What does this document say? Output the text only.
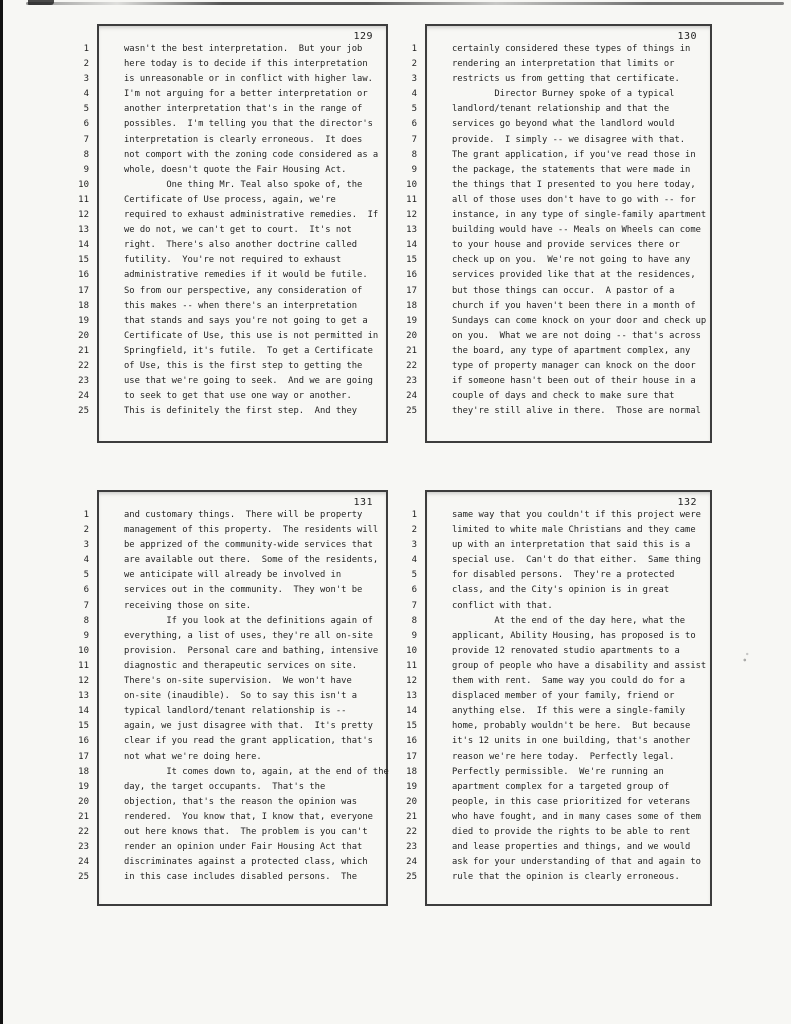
129
1	wasn't the best interpretation.  But your job
2	here today is to decide if this interpretation
3	is unreasonable or in conflict with higher law.
4	I'm not arguing for a better interpretation or
5	another interpretation that's in the range of
6	possibles.  I'm telling you that the director's
7	interpretation is clearly erroneous.  It does
8	not comport with the zoning code considered as a
9	whole, doesn't quote the Fair Housing Act.
10	One thing Mr. Teal also spoke of, the
11	Certificate of Use process, again, we're
12	required to exhaust administrative remedies.  If
13	we do not, we can't get to court.  It's not
14	right.  There's also another doctrine called
15	futility.  You're not required to exhaust
16	administrative remedies if it would be futile.
17	So from our perspective, any consideration of
18	this makes -- when there's an interpretation
19	that stands and says you're not going to get a
20	Certificate of Use, this use is not permitted in
21	Springfield, it's futile.  To get a Certificate
22	of Use, this is the first step to getting the
23	use that we're going to seek.  And we are going
24	to seek to get that use one way or another.
25	This is definitely the first step.  And they
130
1	certainly considered these types of things in
2	rendering an interpretation that limits or
3	restricts us from getting that certificate.
4	Director Burney spoke of a typical
5	landlord/tenant relationship and that the
6	services go beyond what the landlord would
7	provide.  I simply -- we disagree with that.
8	The grant application, if you've read those in
9	the package, the statements that were made in
10	the things that I presented to you here today,
11	all of those uses don't have to go with -- for
12	instance, in any type of single-family apartment
13	building would have -- Meals on Wheels can come
14	to your house and provide services there or
15	check up on you.  We're not going to have any
16	services provided like that at the residences,
17	but those things can occur.  A pastor of a
18	church if you haven't been there in a month of
19	Sundays can come knock on your door and check up
20	on you.  What we are not doing -- that's across
21	the board, any type of apartment complex, any
22	type of property manager can knock on the door
23	if someone hasn't been out of their house in a
24	couple of days and check to make sure that
25	they're still alive in there.  Those are normal
131
1	and customary things.  There will be property
2	management of this property.  The residents will
3	be apprized of the community-wide services that
4	are available out there.  Some of the residents,
5	we anticipate will already be involved in
6	services out in the community.  They won't be
7	receiving those on site.
8	If you look at the definitions again of
9	everything, a list of uses, they're all on-site
10	provision.  Personal care and bathing, intensive
11	diagnostic and therapeutic services on site.
12	There's on-site supervision.  We won't have
13	on-site (inaudible).  So to say this isn't a
14	typical landlord/tenant relationship is --
15	again, we just disagree with that.  It's pretty
16	clear if you read the grant application, that's
17	not what we're doing here.
18	It comes down to, again, at the end of the
19	day, the target occupants.  That's the
20	objection, that's the reason the opinion was
21	rendered.  You know that, I know that, everyone
22	out here knows that.  The problem is you can't
23	render an opinion under Fair Housing Act that
24	discriminates against a protected class, which
25	in this case includes disabled persons.  The
132
1	same way that you couldn't if this project were
2	limited to white male Christians and they came
3	up with an interpretation that said this is a
4	special use.  Can't do that either.  Same thing
5	for disabled persons.  They're a protected
6	class, and the City's opinion is in great
7	conflict with that.
8	At the end of the day here, what the
9	applicant, Ability Housing, has proposed is to
10	provide 12 renovated studio apartments to a
11	group of people who have a disability and assist
12	them with rent.  Same way you could do for a
13	displaced member of your family, friend or
14	anything else.  If this were a single-family
15	home, probably wouldn't be here.  But because
16	it's 12 units in one building, that's another
17	reason we're here today.  Perfectly legal.
18	Perfectly permissible.  We're running an
19	apartment complex for a targeted group of
20	people, in this case prioritized for veterans
21	who have fought, and in many cases some of them
22	died to provide the rights to be able to rent
23	and lease properties and things, and we would
24	ask for your understanding of that and again to
25	rule that the opinion is clearly erroneous.
